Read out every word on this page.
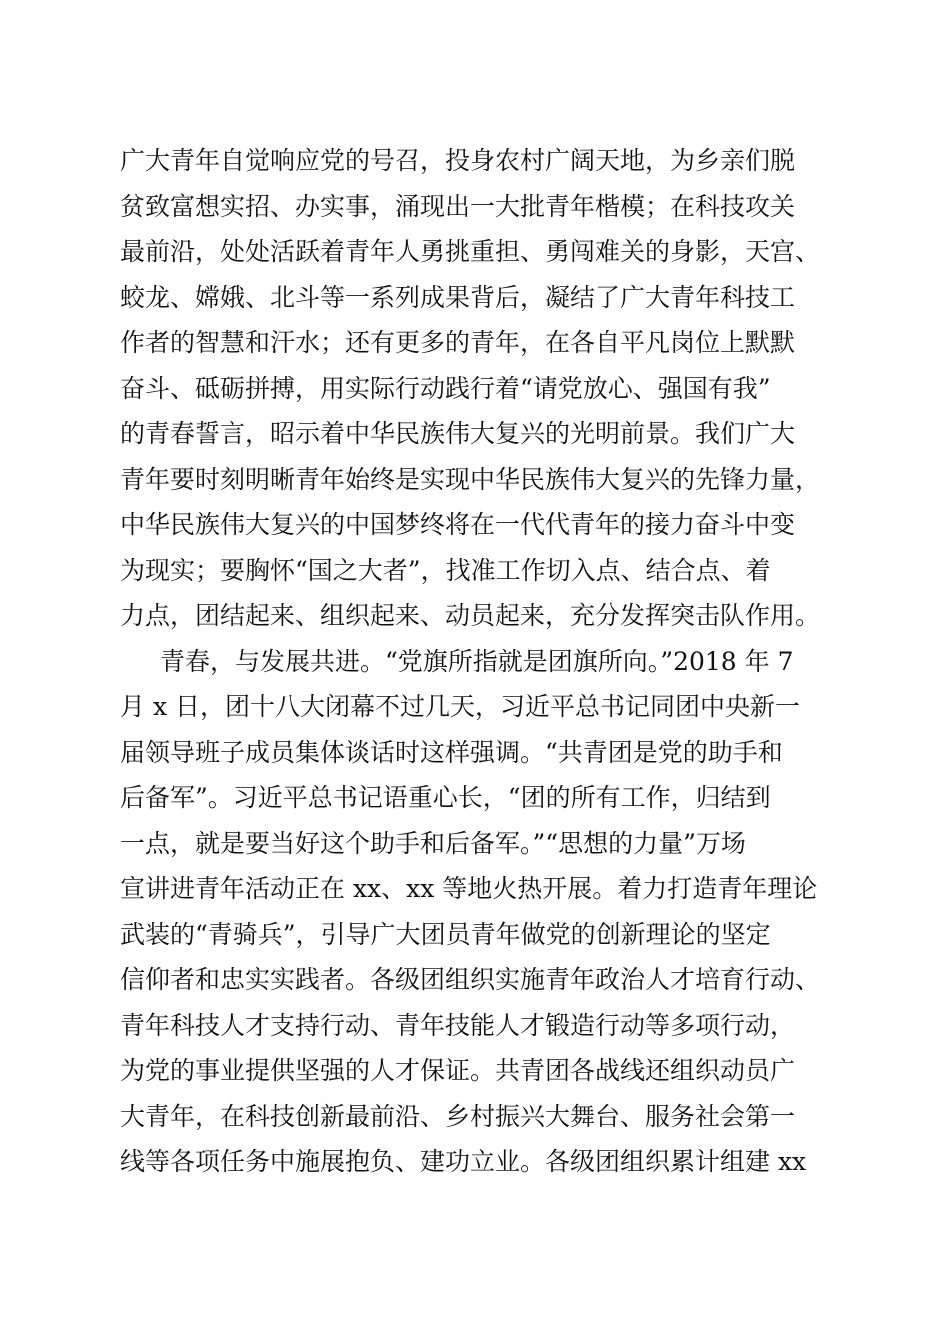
广大青年自觉响应党的号召，投身农村广阔天地，为乡亲们脱
贫致富想实招、办实事，涌现出一大批青年楷模；在科技攻关
最前沿，处处活跃着青年人勇挑重担、勇闯难关的身影，天宫、
蛟龙、嫦娥、北斗等一系列成果背后，凝结了广大青年科技工
作者的智慧和汗水；还有更多的青年，在各自平凡岗位上默默
奋斗、砥砺拼搏，用实际行动践行着“请党放心、强国有我”
的青春誓言，昭示着中华民族伟大复兴的光明前景。我们广大
青年要时刻明晰青年始终是实现中华民族伟大复兴的先锋力量，
中华民族伟大复兴的中国梦终将在一代代青年的接力奋斗中变
为现实；要胸怀“国之大者”，找准工作切入点、结合点、着
力点，团结起来、组织起来、动员起来，充分发挥突击队作用。
青春，与发展共进。“党旗所指就是团旗所向。”2018 年 7
月 x 日，团十八大闭幕不过几天，习近平总书记同团中央新一
届领导班子成员集体谈话时这样强调。“共青团是党的助手和
后备军”。习近平总书记语重心长，“团的所有工作，归结到
一点，就是要当好这个助手和后备军。”“思想的力量”万场
宣讲进青年活动正在 xx、xx 等地火热开展。着力打造青年理论
武装的“青骑兵”，引导广大团员青年做党的创新理论的坚定
信仰者和忠实实践者。各级团组织实施青年政治人才培育行动、
青年科技人才支持行动、青年技能人才锻造行动等多项行动，
为党的事业提供坚强的人才保证。共青团各战线还组织动员广
大青年，在科技创新最前沿、乡村振兴大舞台、服务社会第一
线等各项任务中施展抱负、建功立业。各级团组织累计组建 xx
